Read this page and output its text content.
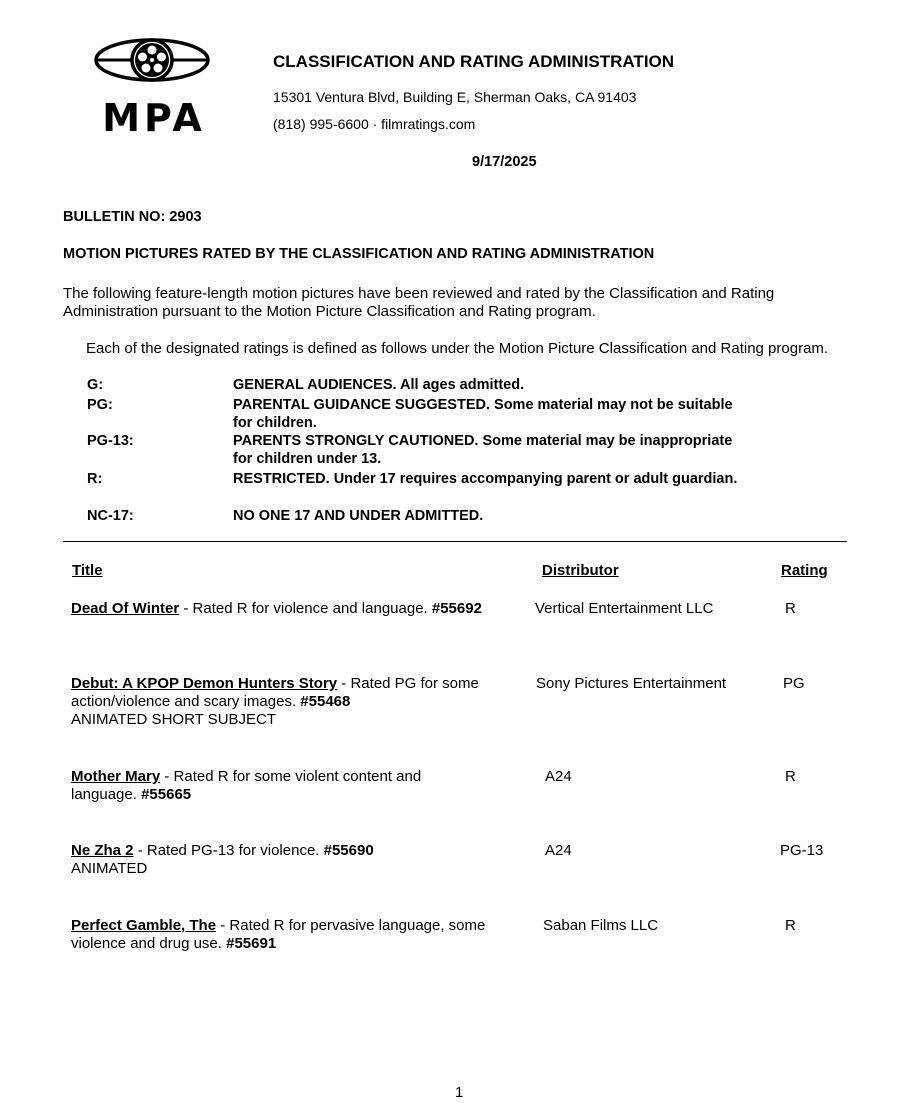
MPA
CLASSIFICATION AND RATING ADMINISTRATION
15301 Ventura Blvd, Building E, Sherman Oaks, CA 91403
(818) 995-6600 · filmratings.com
9/17/2025
BULLETIN NO: 2903
MOTION PICTURES RATED BY THE CLASSIFICATION AND RATING ADMINISTRATION
The following feature-length motion pictures have been reviewed and rated by the Classification and Rating Administration pursuant to the Motion Picture Classification and Rating program.
Each of the designated ratings is defined as follows under the Motion Picture Classification and Rating program.
G:	GENERAL AUDIENCES. All ages admitted.
PG:	PARENTAL GUIDANCE SUGGESTED. Some material may not be suitable for children.
PG-13:	PARENTS STRONGLY CAUTIONED. Some material may be inappropriate for children under 13.
R:	RESTRICTED. Under 17 requires accompanying parent or adult guardian.
NC-17:	NO ONE 17 AND UNDER ADMITTED.
Title	Distributor	Rating
Dead Of Winter - Rated R for violence and language. #55692	Vertical Entertainment LLC	R
Debut: A KPOP Demon Hunters Story - Rated PG for some action/violence and scary images. #55468
ANIMATED SHORT SUBJECT
Sony Pictures Entertainment	PG
Mother Mary - Rated R for some violent content and language. #55665
A24	R
Ne Zha 2 - Rated PG-13 for violence. #55690
ANIMATED
A24	PG-13
Perfect Gamble, The - Rated R for pervasive language, some violence and drug use. #55691
Saban Films LLC	R
1
